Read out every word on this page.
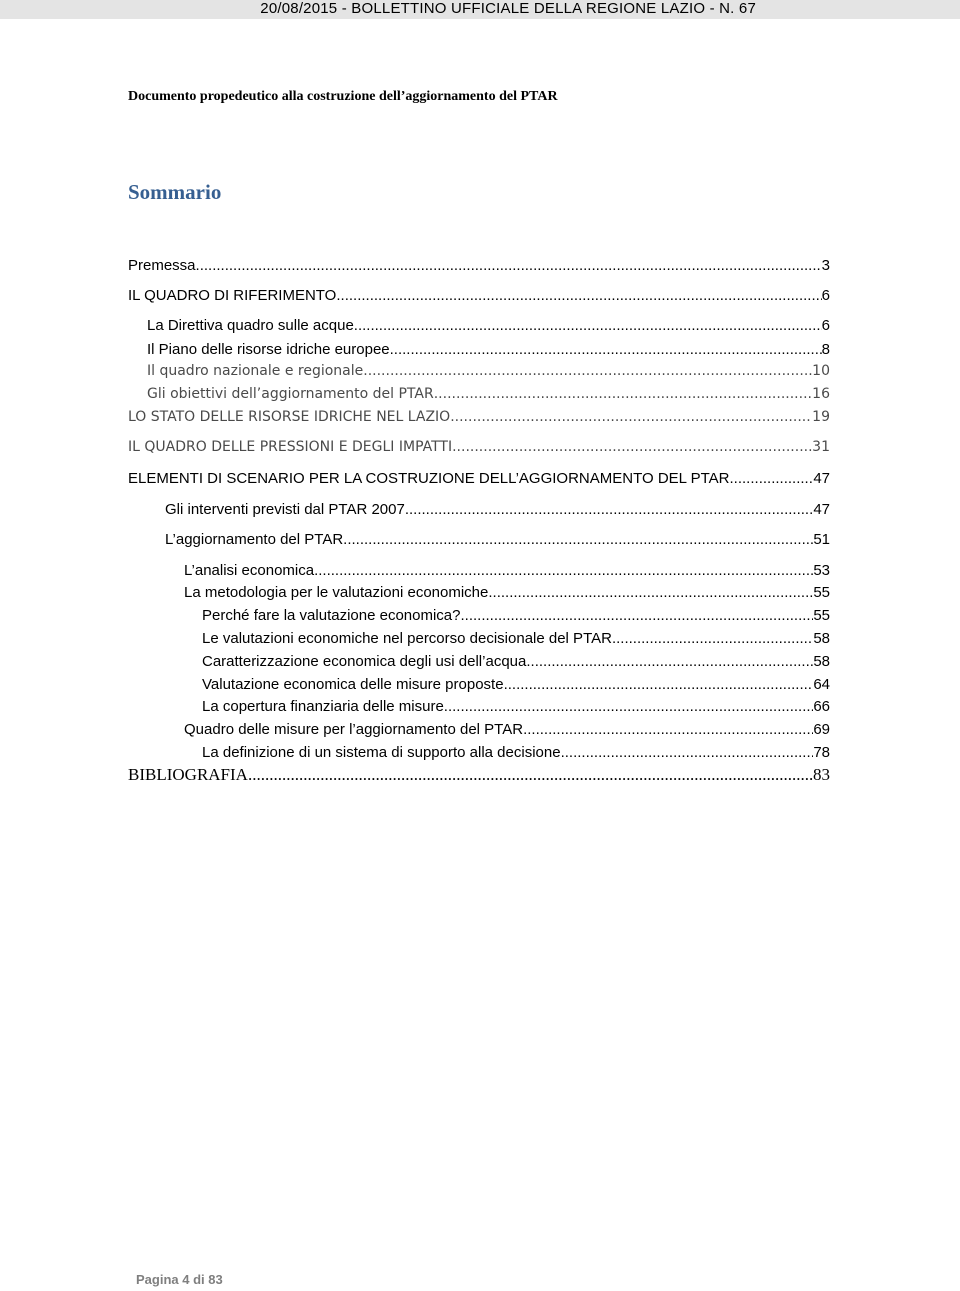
20/08/2015 - BOLLETTINO UFFICIALE DELLA REGIONE LAZIO - N. 67
Documento propedeutico alla costruzione dell’aggiornamento del PTAR
Sommario
Premessa .....	3
IL QUADRO DI RIFERIMENTO .....	6
La Direttiva quadro sulle acque .....	6
Il Piano delle risorse idriche europee .....	8
Il quadro nazionale e regionale .....	10
Gli obiettivi dell’aggiornamento del PTAR .....	16
LO STATO DELLE RISORSE IDRICHE NEL LAZIO .....	19
IL QUADRO DELLE PRESSIONI E DEGLI IMPATTI .....	31
ELEMENTI DI SCENARIO PER LA COSTRUZIONE DELL’AGGIORNAMENTO DEL PTAR .....	47
Gli interventi previsti dal PTAR 2007 .....	47
L’aggiornamento del PTAR .....	51
L’analisi economica .....	53
La metodologia per le valutazioni economiche .....	55
Perché fare la valutazione economica? .....	55
Le valutazioni economiche nel percorso decisionale del PTAR .....	58
Caratterizzazione economica degli usi dell’acqua .....	58
Valutazione economica delle misure proposte .....	64
La copertura finanziaria delle misure .....	66
Quadro delle misure per l’aggiornamento del PTAR .....	69
La definizione di un sistema di supporto alla decisione .....	78
BIBLIOGRAFIA .....	83
Pagina 4 di 83
